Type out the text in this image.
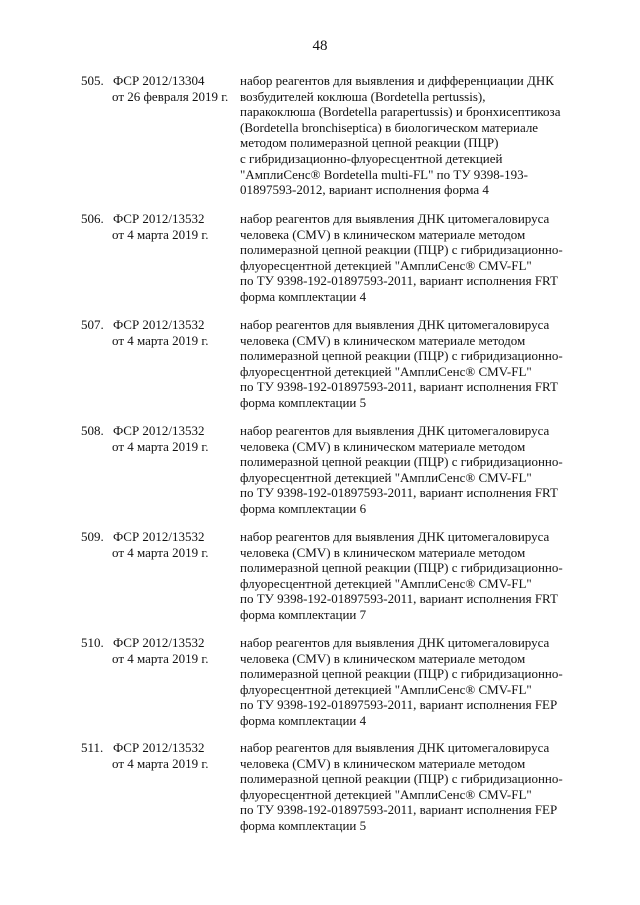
48
505. ФСР 2012/13304
от 26 февраля 2019 г.
набор реагентов для выявления и дифференциации ДНК
возбудителей коклюша (Bordetella pertussis),
паракоклюша (Bordetella parapertussis) и бронхисептикоза
(Bordetella bronchiseptica) в биологическом материале
методом полимеразной цепной реакции (ПЦР)
с гибридизационно-флуоресцентной детекцией
"АмплиСенс® Bordetella multi-FL" по ТУ 9398-193-
01897593-2012, вариант исполнения форма 4
506. ФСР 2012/13532
от 4 марта 2019 г.
набор реагентов для выявления ДНК цитомегаловируса
человека (CMV) в клиническом материале методом
полимеразной цепной реакции (ПЦР) с гибридизационно-
флуоресцентной детекцией "АмплиСенс® CMV-FL"
по ТУ 9398-192-01897593-2011, вариант исполнения FRT
форма комплектации 4
507. ФСР 2012/13532
от 4 марта 2019 г.
набор реагентов для выявления ДНК цитомегаловируса
человека (CMV) в клиническом материале методом
полимеразной цепной реакции (ПЦР) с гибридизационно-
флуоресцентной детекцией "АмплиСенс® CMV-FL"
по ТУ 9398-192-01897593-2011, вариант исполнения FRT
форма комплектации 5
508. ФСР 2012/13532
от 4 марта 2019 г.
набор реагентов для выявления ДНК цитомегаловируса
человека (CMV) в клиническом материале методом
полимеразной цепной реакции (ПЦР) с гибридизационно-
флуоресцентной детекцией "АмплиСенс® CMV-FL"
по ТУ 9398-192-01897593-2011, вариант исполнения FRT
форма комплектации 6
509. ФСР 2012/13532
от 4 марта 2019 г.
набор реагентов для выявления ДНК цитомегаловируса
человека (CMV) в клиническом материале методом
полимеразной цепной реакции (ПЦР) с гибридизационно-
флуоресцентной детекцией "АмплиСенс® CMV-FL"
по ТУ 9398-192-01897593-2011, вариант исполнения FRT
форма комплектации 7
510. ФСР 2012/13532
от 4 марта 2019 г.
набор реагентов для выявления ДНК цитомегаловируса
человека (CMV) в клиническом материале методом
полимеразной цепной реакции (ПЦР) с гибридизационно-
флуоресцентной детекцией "АмплиСенс® CMV-FL"
по ТУ 9398-192-01897593-2011, вариант исполнения FEP
форма комплектации 4
511. ФСР 2012/13532
от 4 марта 2019 г.
набор реагентов для выявления ДНК цитомегаловируса
человека (CMV) в клиническом материале методом
полимеразной цепной реакции (ПЦР) с гибридизационно-
флуоресцентной детекцией "АмплиСенс® CMV-FL"
по ТУ 9398-192-01897593-2011, вариант исполнения FEP
форма комплектации 5
